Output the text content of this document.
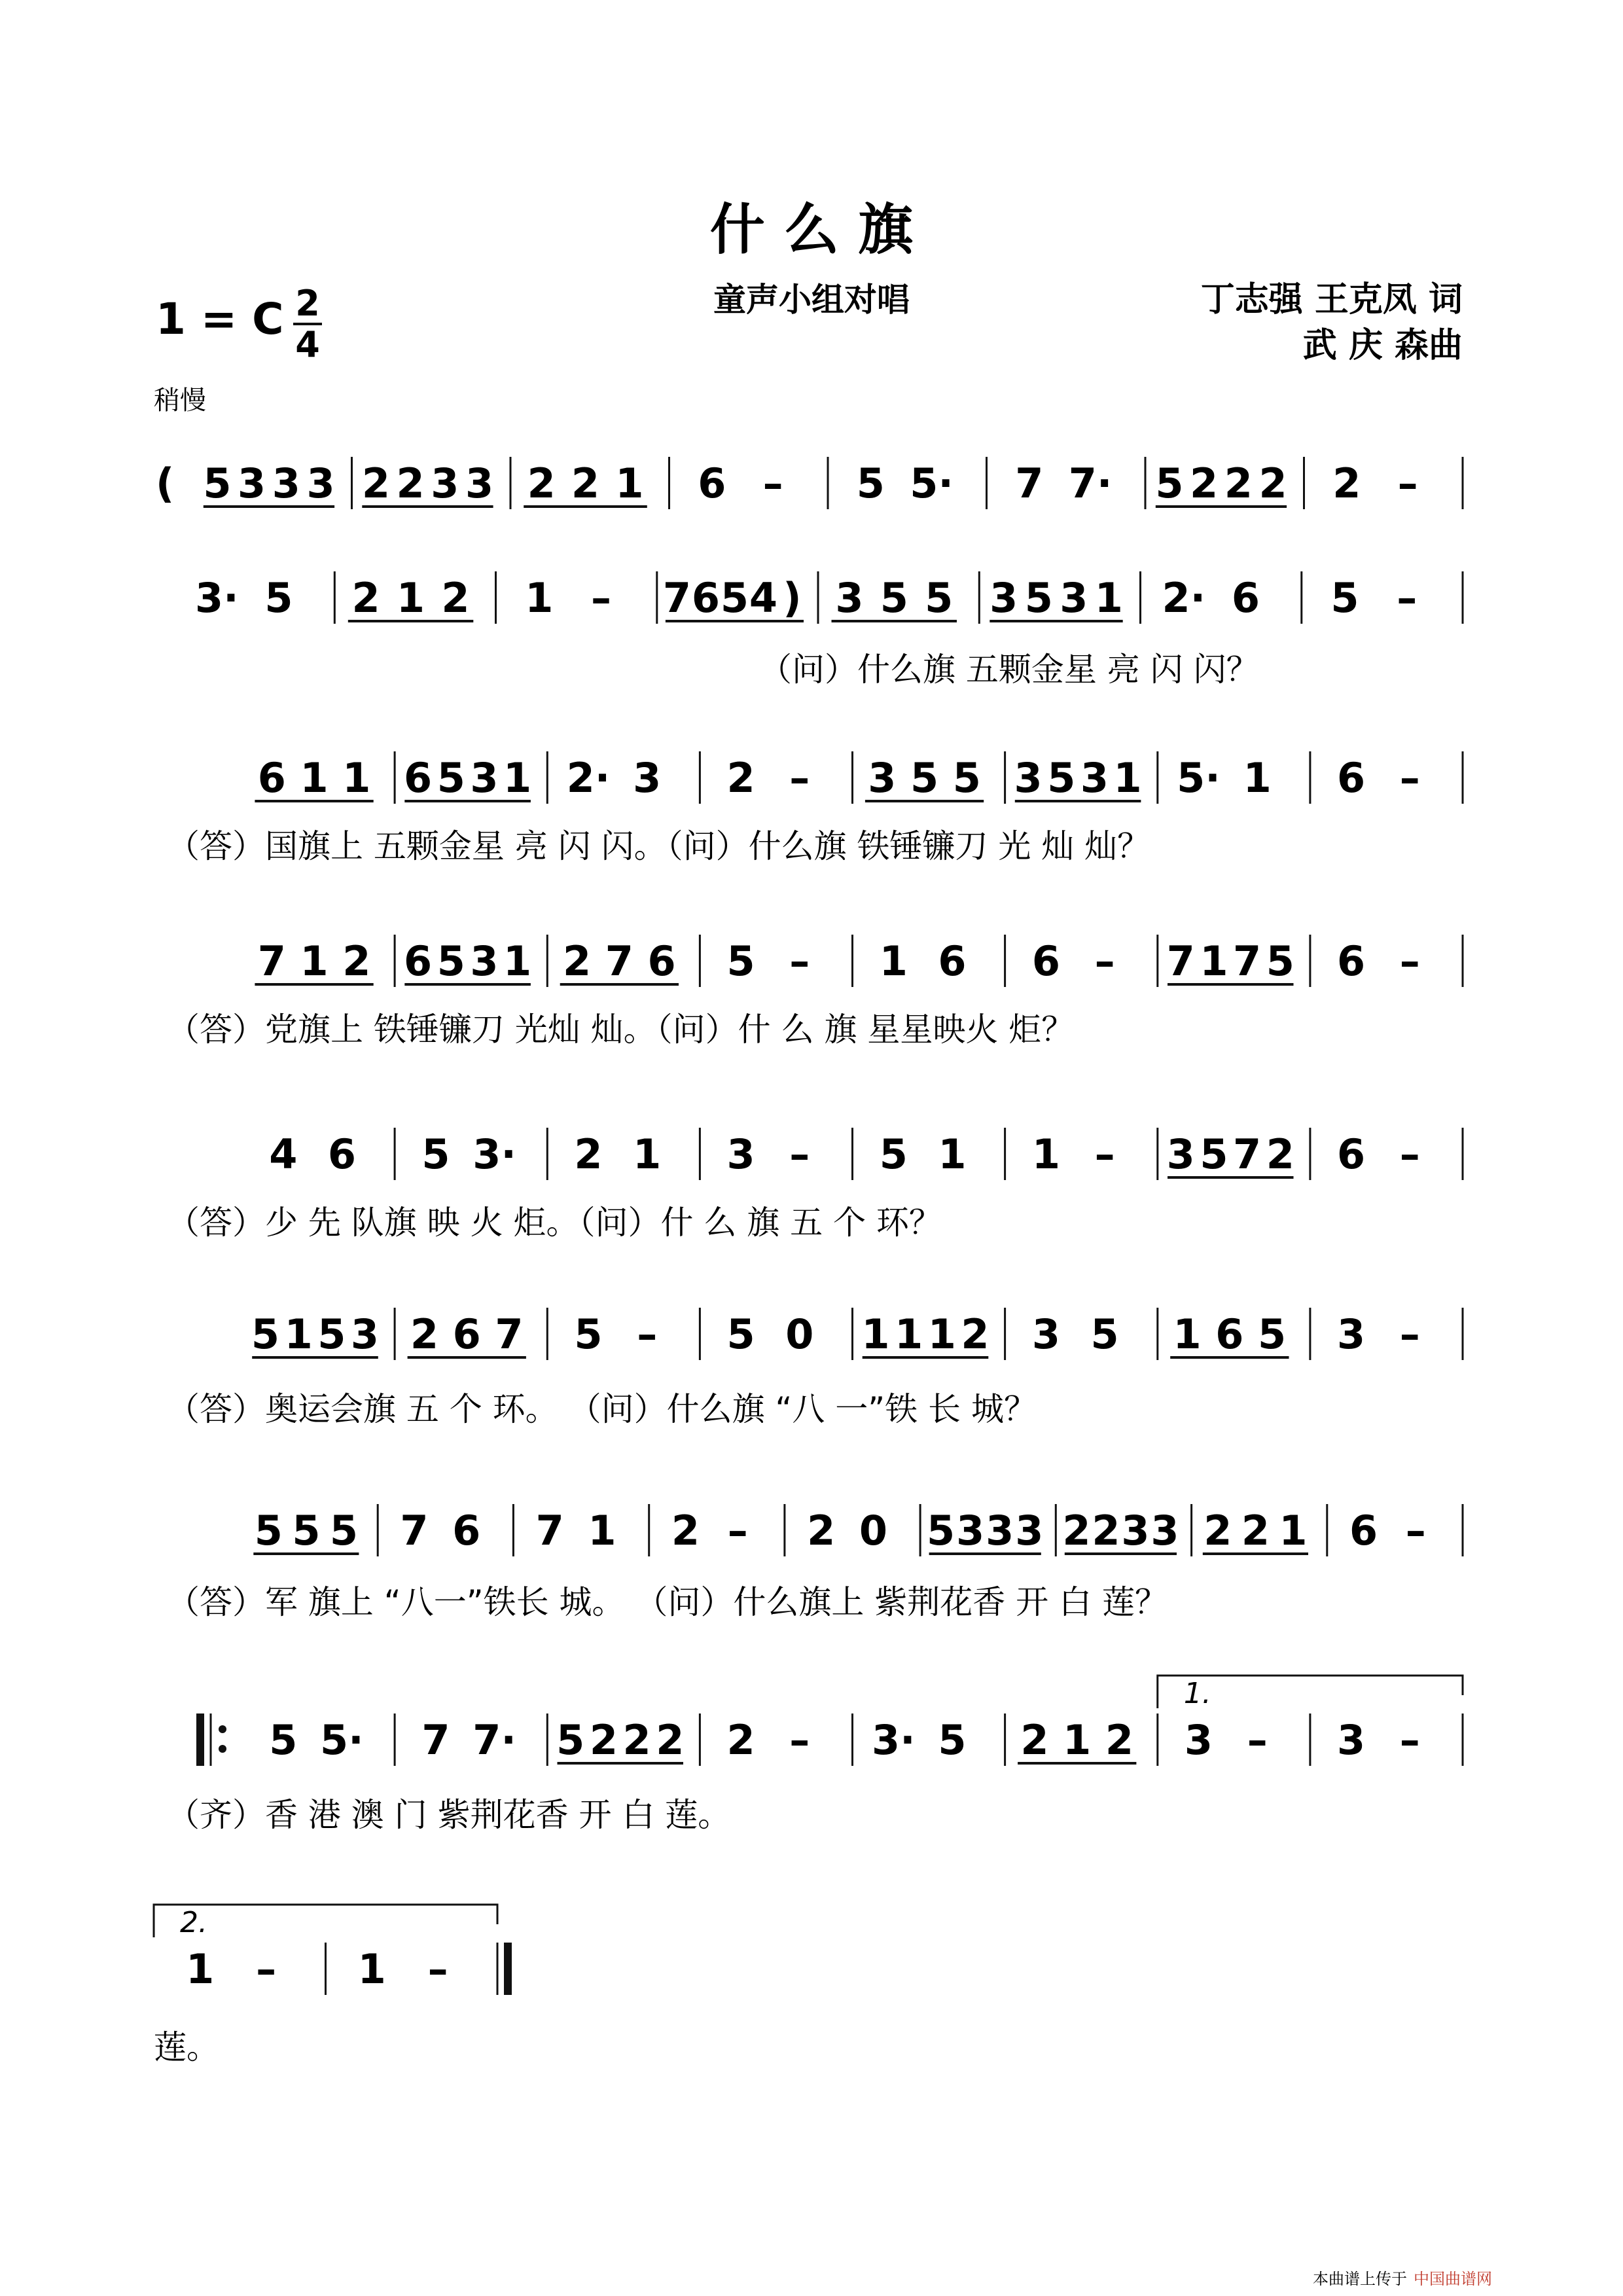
什 么 旗
1 = C 2
4
童声小组对唱	丁志强 王克凤 词
武 庆 森曲
稍慢
( 5 3 3 3 2 2 3 3 2 2 1 6 – 5 5· 7 7· 5 2 2 2 2 –
3· 5 2 1 2 1 – 7 6 5 4 ) 3 5 5 3 5 3 1 2· 6 5 –
（问）什么旗 五颗金星 亮 闪 闪？
6 1 1 6 5 3 1 2· 3 2 – 3 5 5 3 5 3 1 5· 1 6 –
（答）国旗上 五颗金星 亮 闪 闪。（问）什么旗 铁锤镰刀 光 灿 灿？
7 1 2 6 5 3 1 2 7 6 5 – 1 6 6 – 7 1 7 5 6 –
（答）党旗上 铁锤镰刀 光灿 灿。（问）什 么 旗 星星映火 炬？
4 6 5 3· 2 1 3 – 5 1 1 – 3 5 7 2 6 –
（答）少 先 队旗 映 火 炬。（问）什 么 旗 五 个 环？
5 1 5 3 2 6 7 5 – 5 0 1 1 1 2 3 5 1 6 5 3 –
（答）奥运会旗 五 个 环。 （问）什么旗 “八 一”铁 长 城？
5 5 5 7 6 7 1 2 – 2 0 5 3 3 3 2 2 3 3 2 2 1 6 –
（答）军 旗上 “八一”铁长 城。 （问）什么旗上 紫荆花香 开 白 莲？
5 5· 7 7· 5 2 2 2 2 – 3· 5 2 1 2 3 – 3 –
1.
（齐）香 港 澳 门 紫荆花香 开 白 莲。
1 – 1 –
2.
莲。
本曲谱上传于 中国曲谱网
